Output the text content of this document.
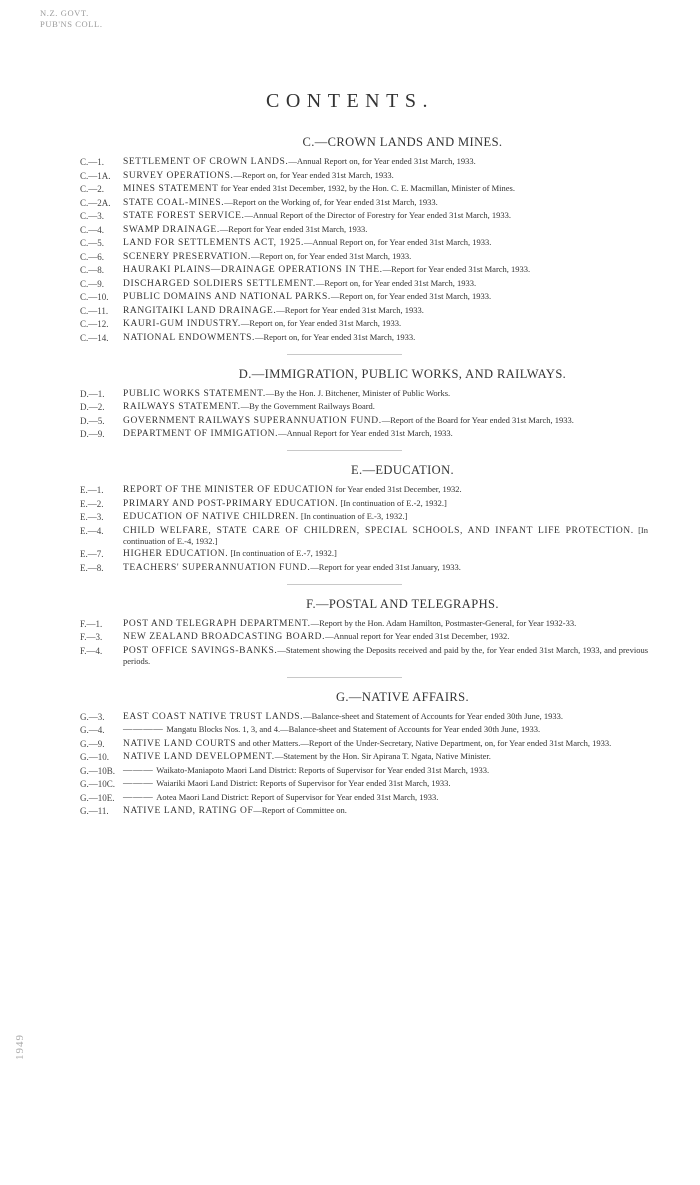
N.Z. GOVT.
PUB'NS COLL.
CONTENTS.
C.—CROWN LANDS AND MINES.
C.—1. SETTLEMENT OF CROWN LANDS.—Annual Report on, for Year ended 31st March, 1933.
C.—1A. SURVEY OPERATIONS.—Report on, for Year ended 31st March, 1933.
C.—2. MINES STATEMENT for Year ended 31st December, 1932, by the Hon. C. E. Macmillan, Minister of Mines.
C.—2A. STATE COAL-MINES.—Report on the Working of, for Year ended 31st March, 1933.
C.—3. STATE FOREST SERVICE.—Annual Report of the Director of Forestry for Year ended 31st March, 1933.
C.—4. SWAMP DRAINAGE.—Report for Year ended 31st March, 1933.
C.—5. LAND FOR SETTLEMENTS ACT, 1925.—Annual Report on, for Year ended 31st March, 1933.
C.—6. SCENERY PRESERVATION.—Report on, for Year ended 31st March, 1933.
C.—8. HAURAKI PLAINS—DRAINAGE OPERATIONS IN THE.—Report for Year ended 31st March, 1933.
C.—9. DISCHARGED SOLDIERS SETTLEMENT.—Report on, for Year ended 31st March, 1933.
C.—10. PUBLIC DOMAINS AND NATIONAL PARKS.—Report on, for Year ended 31st March, 1933.
C.—11. RANGITAIKI LAND DRAINAGE.—Report for Year ended 31st March, 1933.
C.—12. KAURI-GUM INDUSTRY.—Report on, for Year ended 31st March, 1933.
C.—14. NATIONAL ENDOWMENTS.—Report on, for Year ended 31st March, 1933.
D.—IMMIGRATION, PUBLIC WORKS, AND RAILWAYS.
D.—1. PUBLIC WORKS STATEMENT.—By the Hon. J. Bitchener, Minister of Public Works.
D.—2. RAILWAYS STATEMENT.—By the Government Railways Board.
D.—5. GOVERNMENT RAILWAYS SUPERANNUATION FUND.—Report of the Board for Year ended 31st March, 1933.
D.—9. DEPARTMENT OF IMMIGATION.—Annual Report for Year ended 31st March, 1933.
E.—EDUCATION.
E.—1. REPORT OF THE MINISTER OF EDUCATION for Year ended 31st December, 1932.
E.—2. PRIMARY AND POST-PRIMARY EDUCATION. [In continuation of E.-2, 1932.]
E.—3. EDUCATION OF NATIVE CHILDREN. [In continuation of E.-3, 1932.]
E.—4. CHILD WELFARE, STATE CARE OF CHILDREN, SPECIAL SCHOOLS, AND INFANT LIFE PROTECTION. [In continuation of E.-4, 1932.]
E.—7. HIGHER EDUCATION. [In continuation of E.-7, 1932.]
E.—8. TEACHERS' SUPERANNUATION FUND.—Report for year ended 31st January, 1933.
F.—POSTAL AND TELEGRAPHS.
F.—1. POST AND TELEGRAPH DEPARTMENT.—Report by the Hon. Adam Hamilton, Postmaster-General, for Year 1932-33.
F.—3. NEW ZEALAND BROADCASTING BOARD.—Annual report for Year ended 31st December, 1932.
F.—4. POST OFFICE SAVINGS-BANKS.—Statement showing the Deposits received and paid by the, for Year ended 31st March, 1933, and previous periods.
G.—NATIVE AFFAIRS.
G.—3. EAST COAST NATIVE TRUST LANDS.—Balance-sheet and Statement of Accounts for Year ended 30th June, 1933.
G.—4. ———— Mangatu Blocks Nos. 1, 3, and 4.—Balance-sheet and Statement of Accounts for Year ended 30th June, 1933.
G.—9. NATIVE LAND COURTS and other Matters.—Report of the Under-Secretary, Native Department, on, for Year ended 31st March, 1933.
G.—10. NATIVE LAND DEVELOPMENT.—Statement by the Hon. Sir Apirana T. Ngata, Native Minister.
G.—10B. ——— Waikato-Maniapoto Maori Land District: Reports of Supervisor for Year ended 31st March, 1933.
G.—10C. ——— Waiariki Maori Land District: Reports of Supervisor for Year ended 31st March, 1933.
G.—10E. ——— Aotea Maori Land District: Report of Supervisor for Year ended 31st March, 1933.
G.—11. NATIVE LAND, RATING OF—Report of Committee on.
1949
